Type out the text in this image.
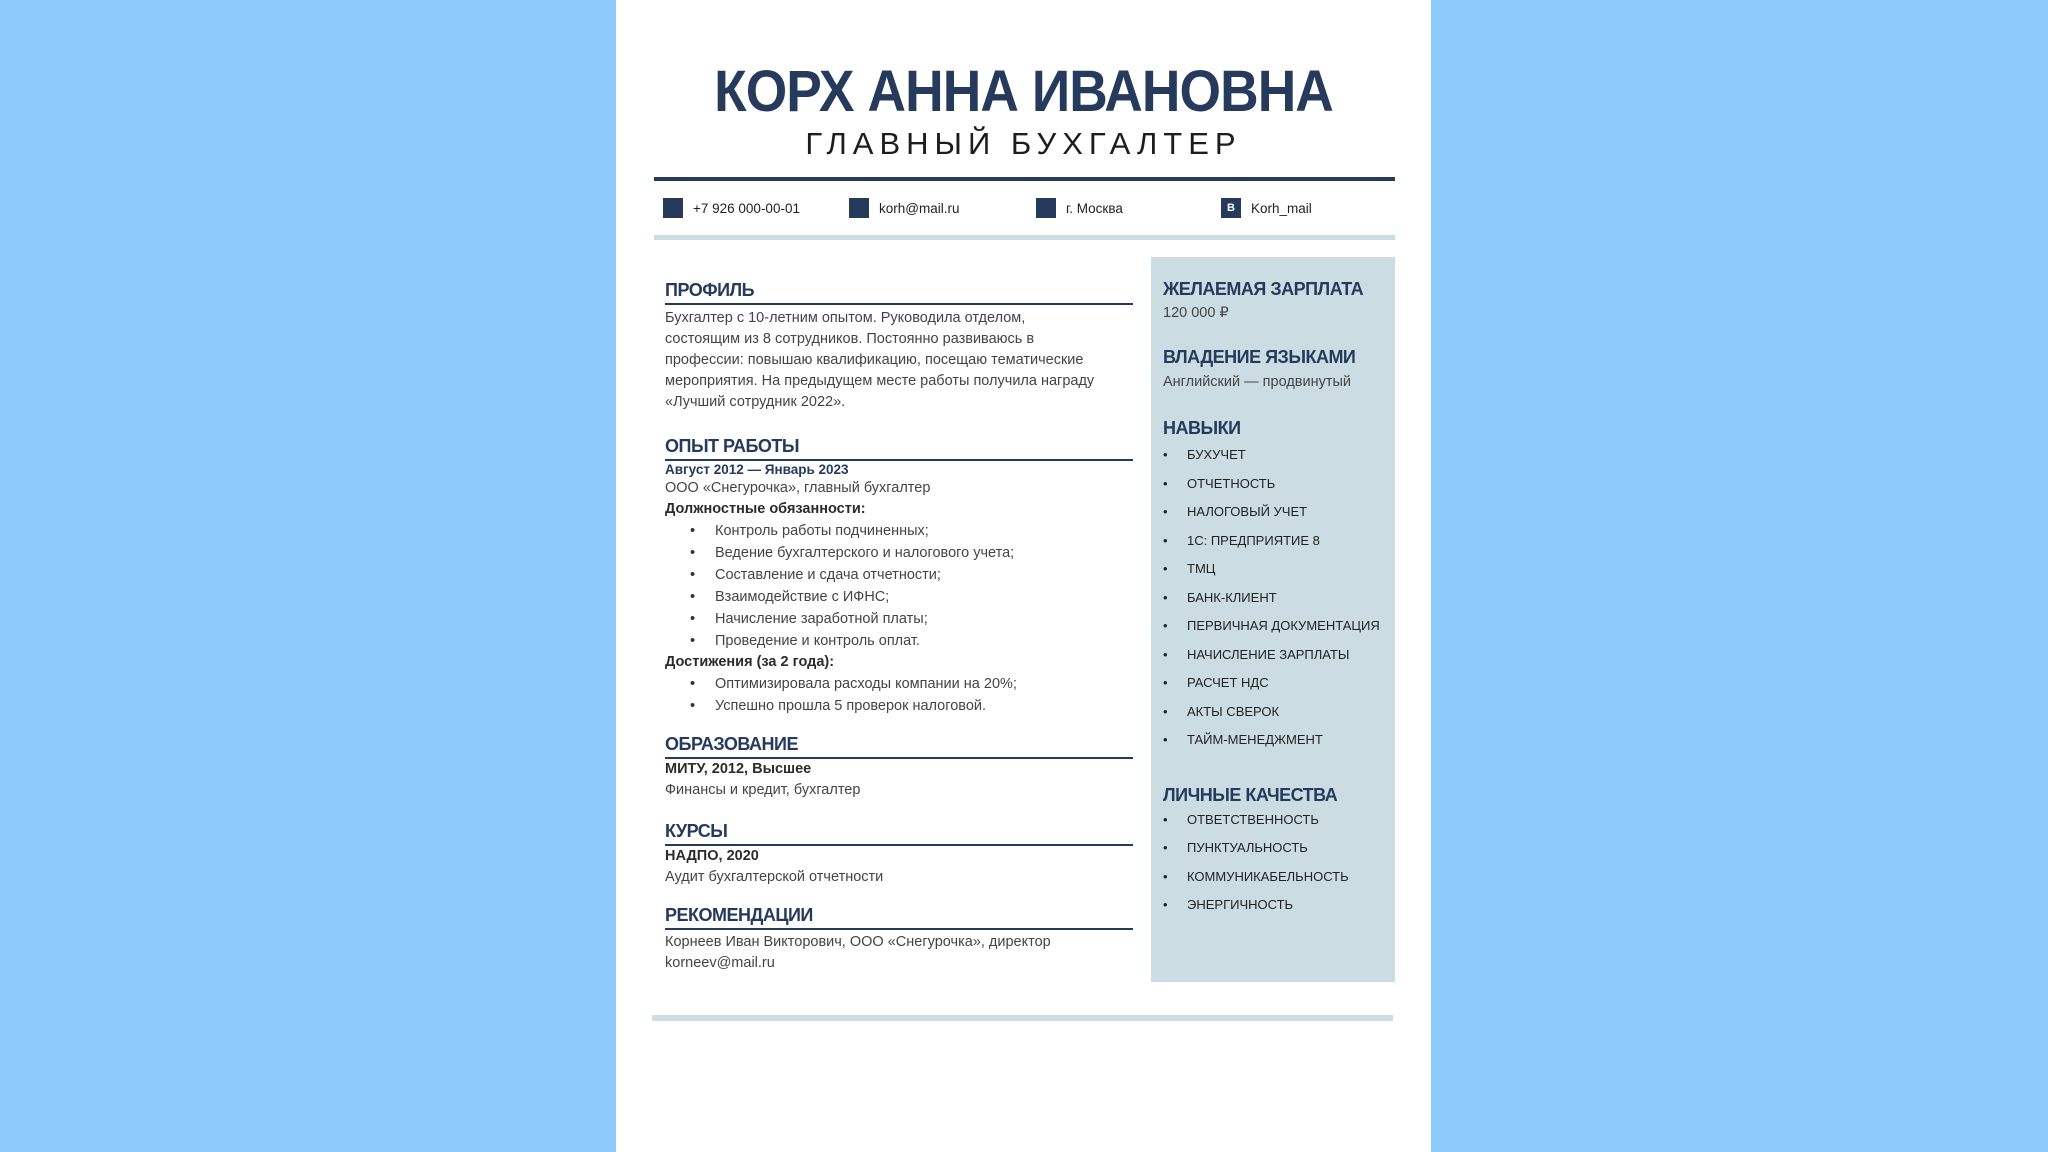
КОРХ АННА ИВАНОВНА
ГЛАВНЫЙ БУХГАЛТЕР
+7 926 000-00-01	korh@mail.ru	г. Москва	B	Korh_mail
ПРОФИЛЬ
Бухгалтер с 10-летним опытом. Руководила отделом,
состоящим из 8 сотрудников. Постоянно развиваюсь в
профессии: повышаю квалификацию, посещаю тематические
мероприятия. На предыдущем месте работы получила награду
«Лучший сотрудник 2022».
ОПЫТ РАБОТЫ
Август 2012 — Январь 2023
ООО «Снегурочка», главный бухгалтер
Должностные обязанности:
• Контроль работы подчиненных;
• Ведение бухгалтерского и налогового учета;
• Составление и сдача отчетности;
• Взаимодействие с ИФНС;
• Начисление заработной платы;
• Проведение и контроль оплат.
Достижения (за 2 года):
• Оптимизировала расходы компании на 20%;
• Успешно прошла 5 проверок налоговой.
ОБРАЗОВАНИЕ
МИТУ, 2012, Высшее
Финансы и кредит, бухгалтер
КУРСЫ
НАДПО, 2020
Аудит бухгалтерской отчетности
РЕКОМЕНДАЦИИ
Корнеев Иван Викторович, ООО «Снегурочка», директор
korneev@mail.ru
ЖЕЛАЕМАЯ ЗАРПЛАТА
120 000 ₽
ВЛАДЕНИЕ ЯЗЫКАМИ
Английский — продвинутый
НАВЫКИ
• БУХУЧЕТ
• ОТЧЕТНОСТЬ
• НАЛОГОВЫЙ УЧЕТ
• 1С: ПРЕДПРИЯТИЕ 8
• ТМЦ
• БАНК-КЛИЕНТ
• ПЕРВИЧНАЯ ДОКУМЕНТАЦИЯ
• НАЧИСЛЕНИЕ ЗАРПЛАТЫ
• РАСЧЕТ НДС
• АКТЫ СВЕРОК
• ТАЙМ-МЕНЕДЖМЕНТ
ЛИЧНЫЕ КАЧЕСТВА
• ОТВЕТСТВЕННОСТЬ
• ПУНКТУАЛЬНОСТЬ
• КОММУНИКАБЕЛЬНОСТЬ
• ЭНЕРГИЧНОСТЬ
